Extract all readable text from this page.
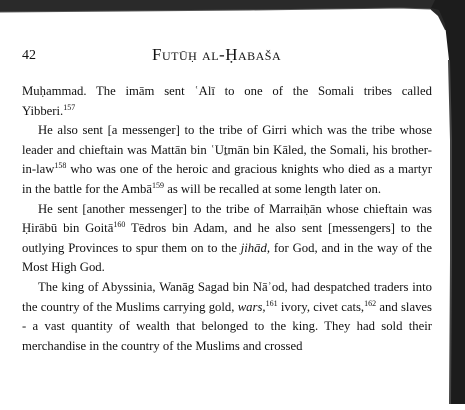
42	Futūḥ al-Ḥabaša

Muḥammad. The imām sent ʿAlī to one of the Somali tribes called
Yibberi.$^{157}$

He also sent [a messenger] to the tribe of Girri which was the tribe whose leader and chieftain was Mattān bin ʿUṯmān bin Kāled, the Somali, his brother-in-law$^{158}$ who was one of the heroic and gracious knights who died as a martyr in the battle for the Ambā$^{159}$ as will be recalled at some length later on.

He sent [another messenger] to the tribe of Marraiḥān whose chieftain was Ḥirābū bin Goitā$^{160}$ Tēdros bin Adam, and he also sent [messengers] to the outlying Provinces to spur them on to the jihād, for God, and in the way of the Most High God.

The king of Abyssinia, Wanāg Sagad bin Nāʾod, had despatched traders into the country of the Muslims carrying gold, wars,$^{161}$ ivory, civet cats,$^{162}$ and slaves - a vast quantity of wealth that belonged to the king. They had sold their merchandise in the country of the Muslims and crossed
